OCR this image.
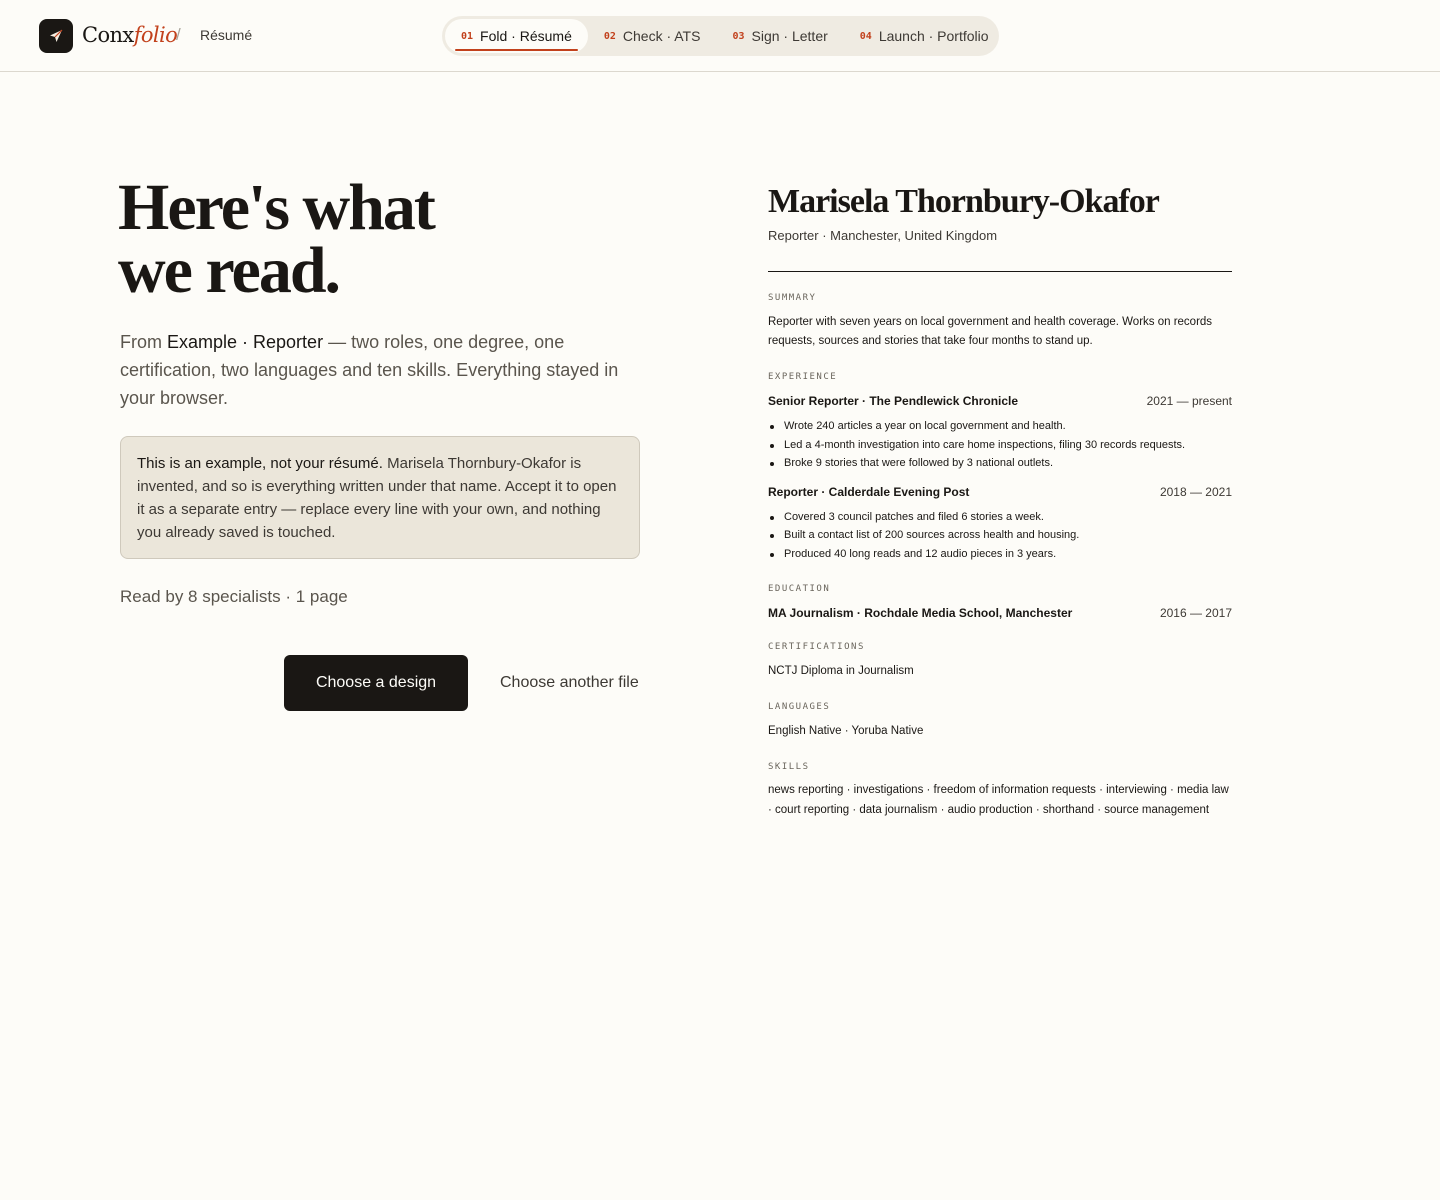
Conxfolio
/ Résumé	01 Fold · Résumé	02 Check · ATS	03 Sign · Letter	04 Launch · Portfolio
Here's what
we read.

From Example · Reporter — two roles, one degree, one certification, two languages and ten skills. Everything stayed in your browser.

This is an example, not your résumé. Marisela Thornbury-Okafor is invented, and so is everything written under that name. Accept it to open it as a separate entry — replace every line with your own, and nothing you already saved is touched.

Read by 8 specialists · 1 page

Choose a design	Choose another file
Marisela Thornbury-Okafor

Reporter · Manchester, United Kingdom

SUMMARY

Reporter with seven years on local government and health coverage. Works on records requests, sources and stories that take four months to stand up.

EXPERIENCE
Senior Reporter · The Pendlewick Chronicle	2021 — present
Wrote 240 articles a year on local government and health.
Led a 4-month investigation into care home inspections, filing 30 records requests.
Broke 9 stories that were followed by 3 national outlets.
Reporter · Calderdale Evening Post	2018 — 2021
Covered 3 council patches and filed 6 stories a week.
Built a contact list of 200 sources across health and housing.
Produced 40 long reads and 12 audio pieces in 3 years.
EDUCATION
MA Journalism · Rochdale Media School, Manchester	2016 — 2017
CERTIFICATIONS

NCTJ Diploma in Journalism

LANGUAGES

English Native · Yoruba Native

SKILLS

news reporting · investigations · freedom of information requests · interviewing · media law · court reporting · data journalism · audio production · shorthand · source management
